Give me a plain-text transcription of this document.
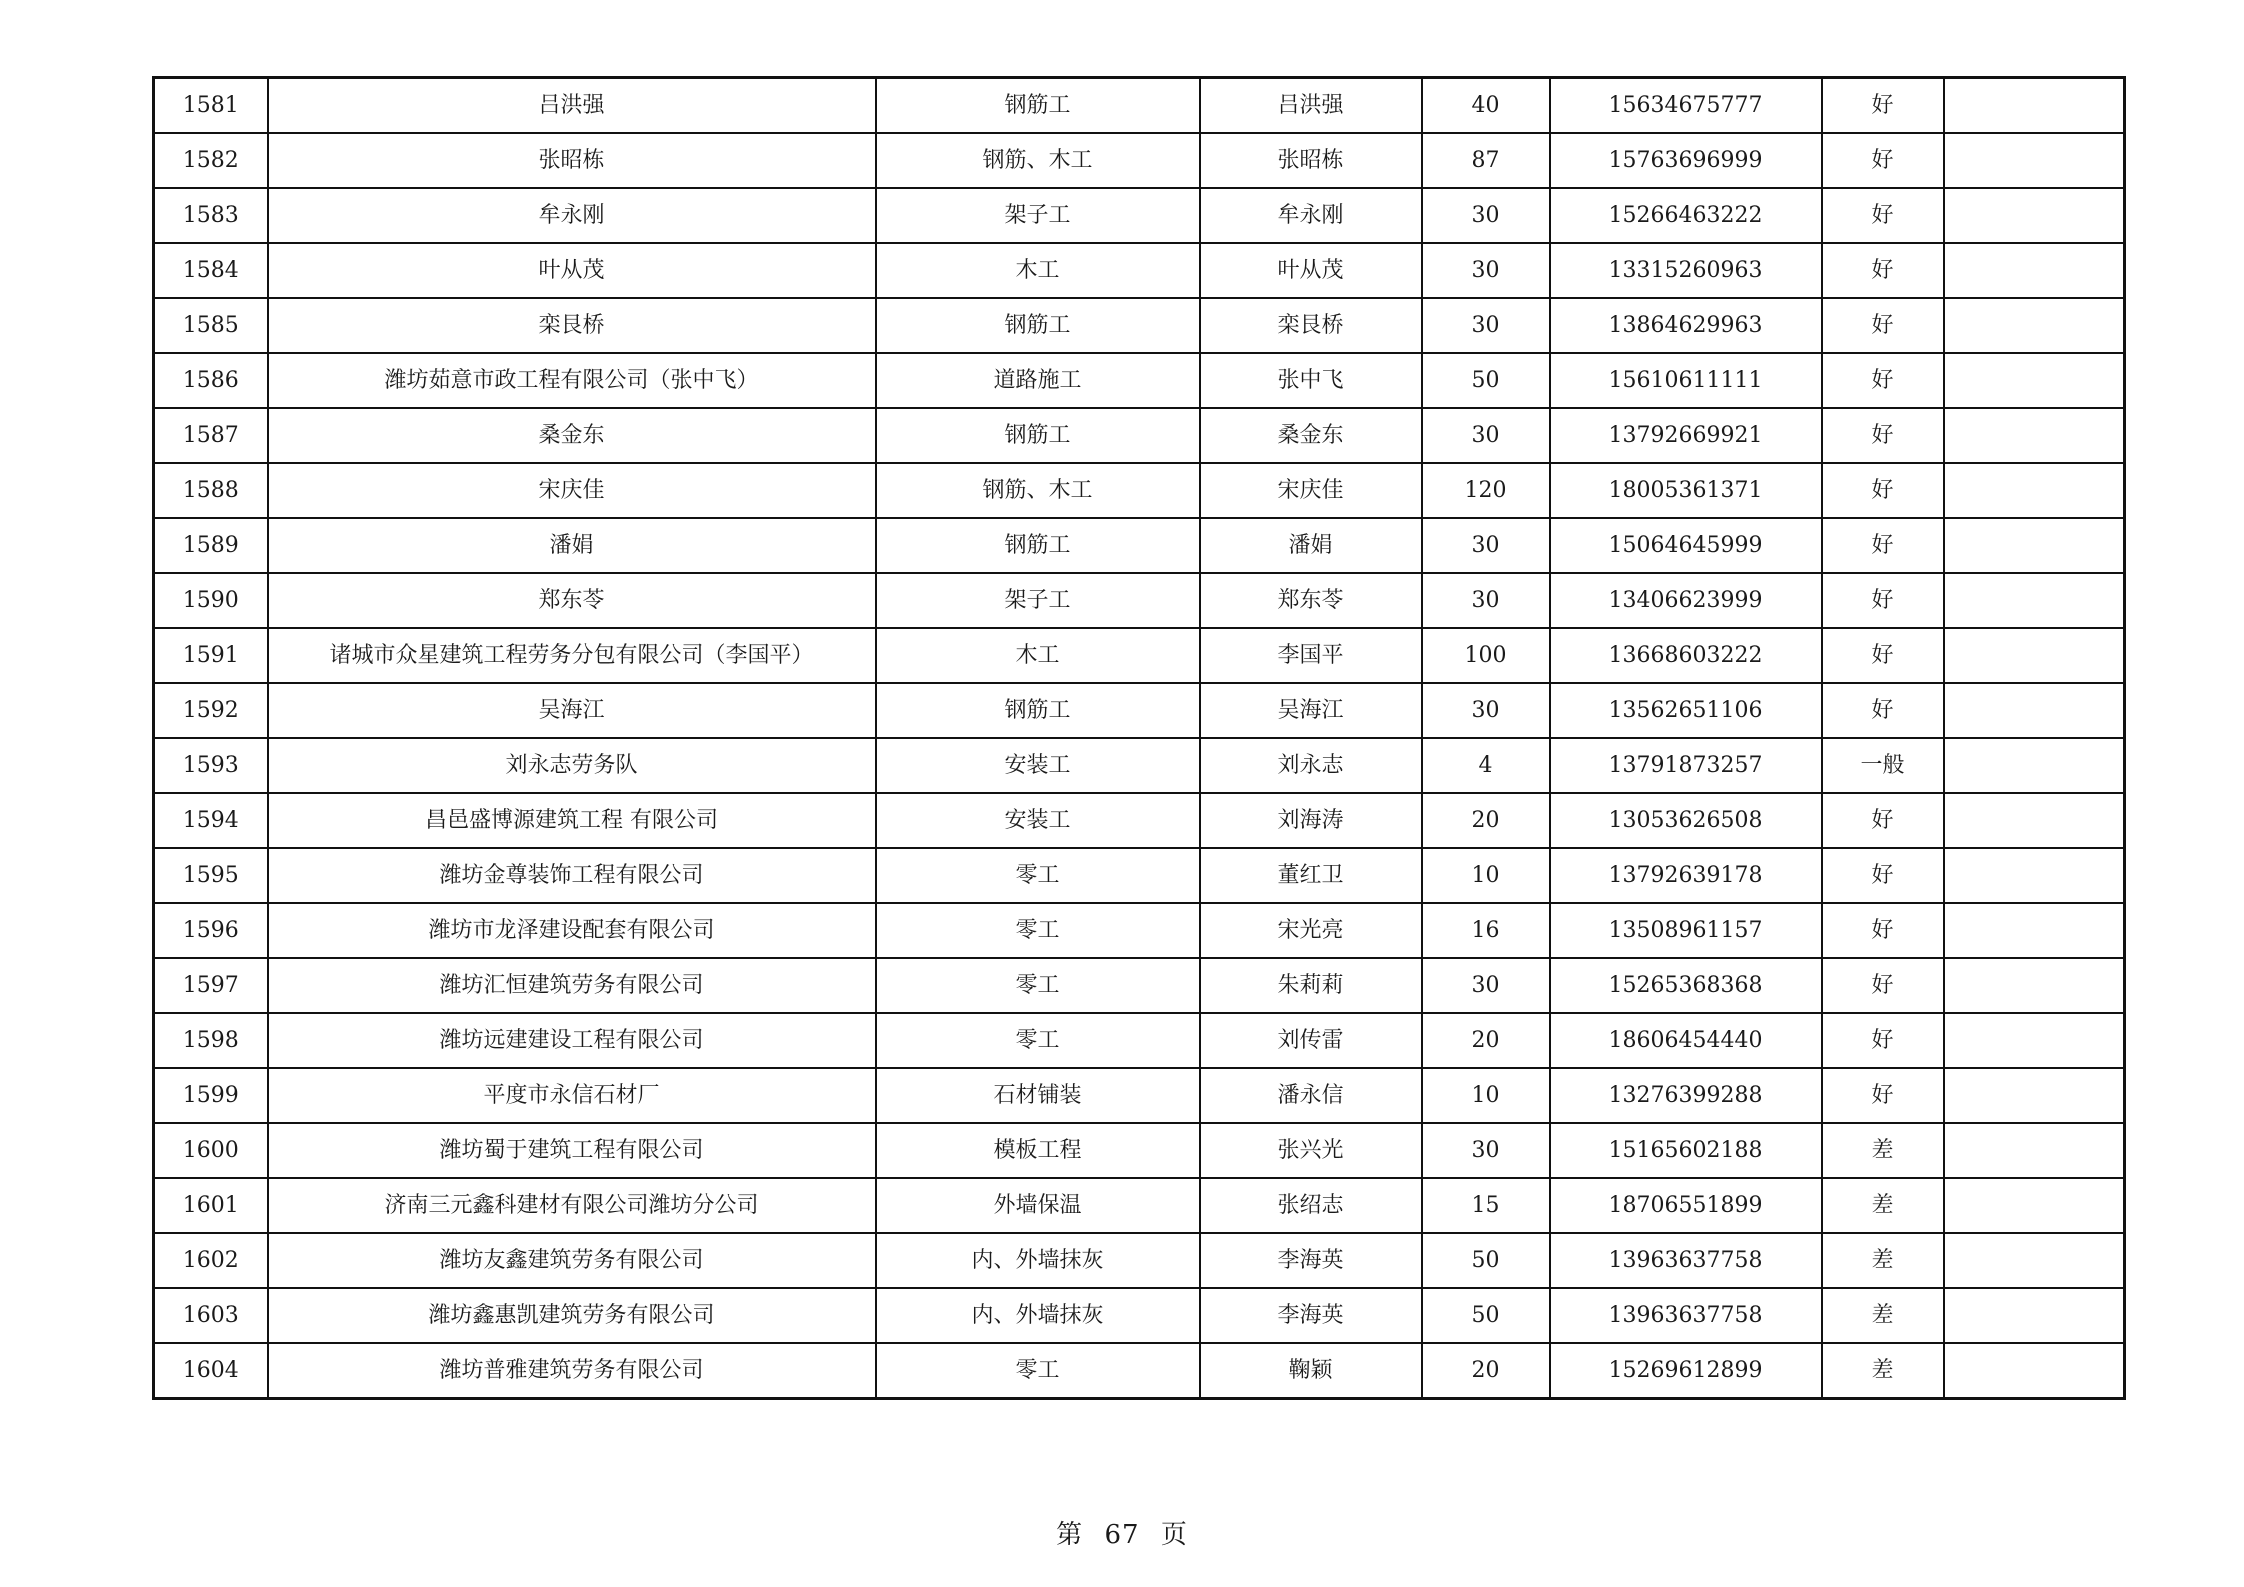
1581	吕洪强	钢筋工	吕洪强	40	15634675777	好	
1582	张昭栋	钢筋、木工	张昭栋	87	15763696999	好	
1583	牟永刚	架子工	牟永刚	30	15266463222	好	
1584	叶从茂	木工	叶从茂	30	13315260963	好	
1585	栾艮桥	钢筋工	栾艮桥	30	13864629963	好	
1586	潍坊茹意市政工程有限公司（张中飞）	道路施工	张中飞	50	15610611111	好	
1587	桑金东	钢筋工	桑金东	30	13792669921	好	
1588	宋庆佳	钢筋、木工	宋庆佳	120	18005361371	好	
1589	潘娟	钢筋工	潘娟	30	15064645999	好	
1590	郑东苓	架子工	郑东苓	30	13406623999	好	
1591	诸城市众星建筑工程劳务分包有限公司（李国平）	木工	李国平	100	13668603222	好	
1592	吴海江	钢筋工	吴海江	30	13562651106	好	
1593	刘永志劳务队	安装工	刘永志	4	13791873257	一般	
1594	昌邑盛博源建筑工程 有限公司	安装工	刘海涛	20	13053626508	好	
1595	潍坊金尊装饰工程有限公司	零工	董红卫	10	13792639178	好	
1596	潍坊市龙泽建设配套有限公司	零工	宋光亮	16	13508961157	好	
1597	潍坊汇恒建筑劳务有限公司	零工	朱莉莉	30	15265368368	好	
1598	潍坊远建建设工程有限公司	零工	刘传雷	20	18606454440	好	
1599	平度市永信石材厂	石材铺装	潘永信	10	13276399288	好	
1600	潍坊蜀于建筑工程有限公司	模板工程	张兴光	30	15165602188	差	
1601	济南三元鑫科建材有限公司潍坊分公司	外墙保温	张绍志	15	18706551899	差	
1602	潍坊友鑫建筑劳务有限公司	内、外墙抹灰	李海英	50	13963637758	差	
1603	潍坊鑫惠凯建筑劳务有限公司	内、外墙抹灰	李海英	50	13963637758	差	
1604	潍坊普雅建筑劳务有限公司	零工	鞠颖	20	15269612899	差	
第 67 页
